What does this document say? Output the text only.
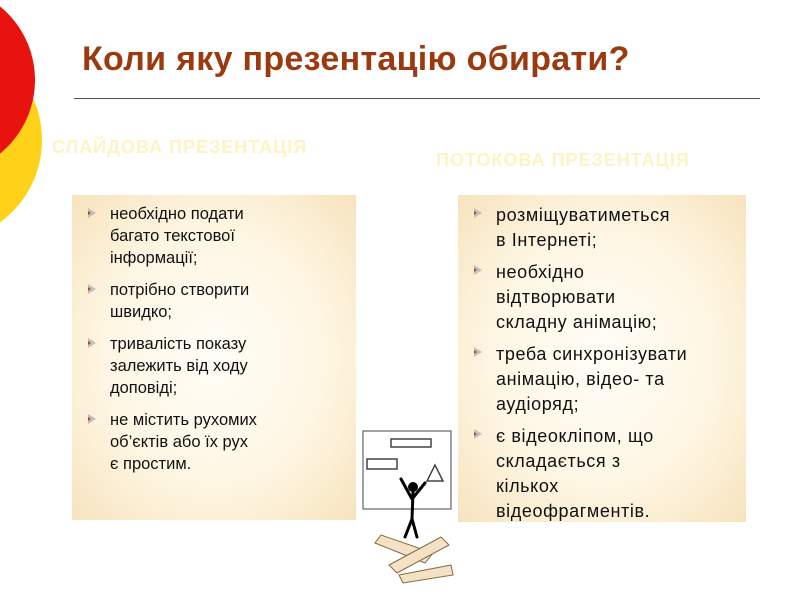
Коли яку презентацію обирати?
СЛАЙДОВА ПРЕЗЕНТАЦІЯ
ПОТОКОВА ПРЕЗЕНТАЦІЯ
необхідно подати
багато текстової
інформації;
потрібно створити
швидко;
тривалість показу
залежить від ходу
доповіді;
не містить рухомих
об’єктів або їх рух
є простим.
розміщуватиметься
в Інтернеті;
необхідно
відтворювати
складну анімацію;
треба синхронізувати
анімацію, відео- та
аудіоряд;
є відеокліпом, що
складається з
кількох
відеофрагментів.
